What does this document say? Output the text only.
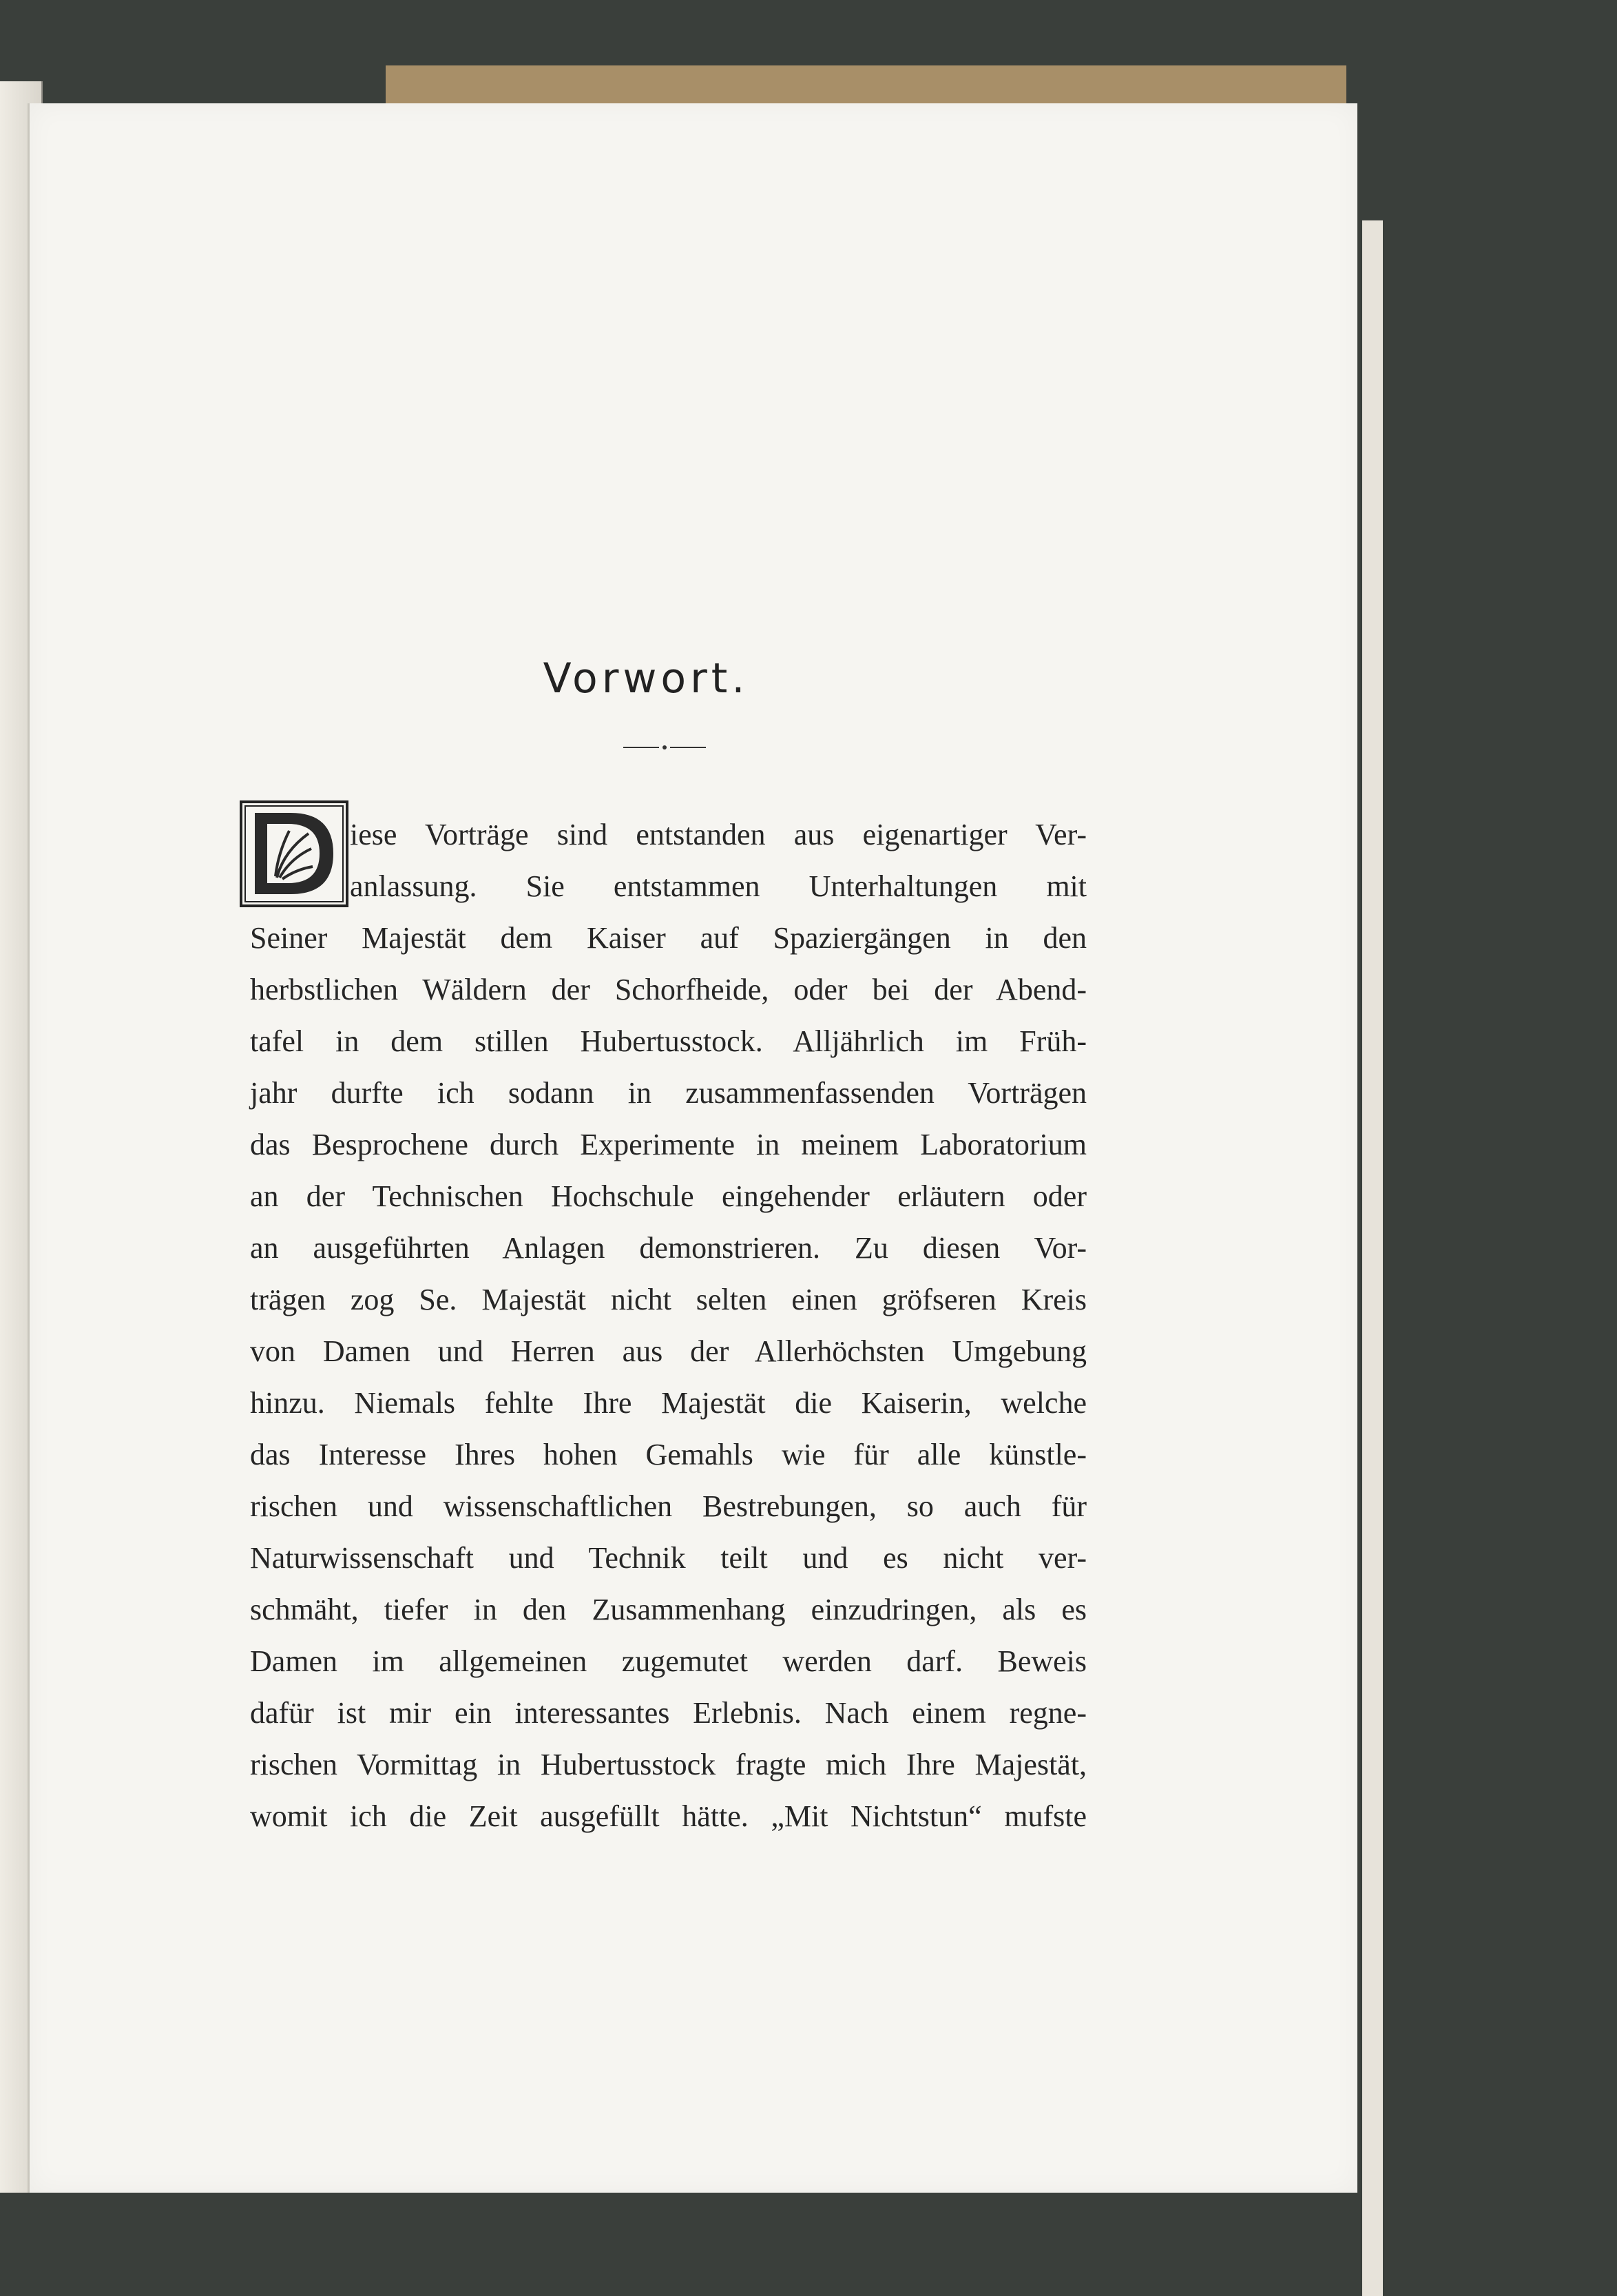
Vorwort.
iese Vorträge sind entstanden aus eigenartiger Ver-
anlassung. Sie entstammen Unterhaltungen mit
Seiner Majestät dem Kaiser auf Spaziergängen in den
herbstlichen Wäldern der Schorfheide, oder bei der Abend-
tafel in dem stillen Hubertusstock. Alljährlich im Früh-
jahr durfte ich sodann in zusammenfassenden Vorträgen
das Besprochene durch Experimente in meinem Laboratorium
an der Technischen Hochschule eingehender erläutern oder
an ausgeführten Anlagen demonstrieren. Zu diesen Vor-
trägen zog Se. Majestät nicht selten einen gröfseren Kreis
von Damen und Herren aus der Allerhöchsten Umgebung
hinzu. Niemals fehlte Ihre Majestät die Kaiserin, welche
das Interesse Ihres hohen Gemahls wie für alle künstle-
rischen und wissenschaftlichen Bestrebungen, so auch für
Naturwissenschaft und Technik teilt und es nicht ver-
schmäht, tiefer in den Zusammenhang einzudringen, als es
Damen im allgemeinen zugemutet werden darf. Beweis
dafür ist mir ein interessantes Erlebnis. Nach einem regne-
rischen Vormittag in Hubertusstock fragte mich Ihre Majestät,
womit ich die Zeit ausgefüllt hätte. „Mit Nichtstun“ mufste
